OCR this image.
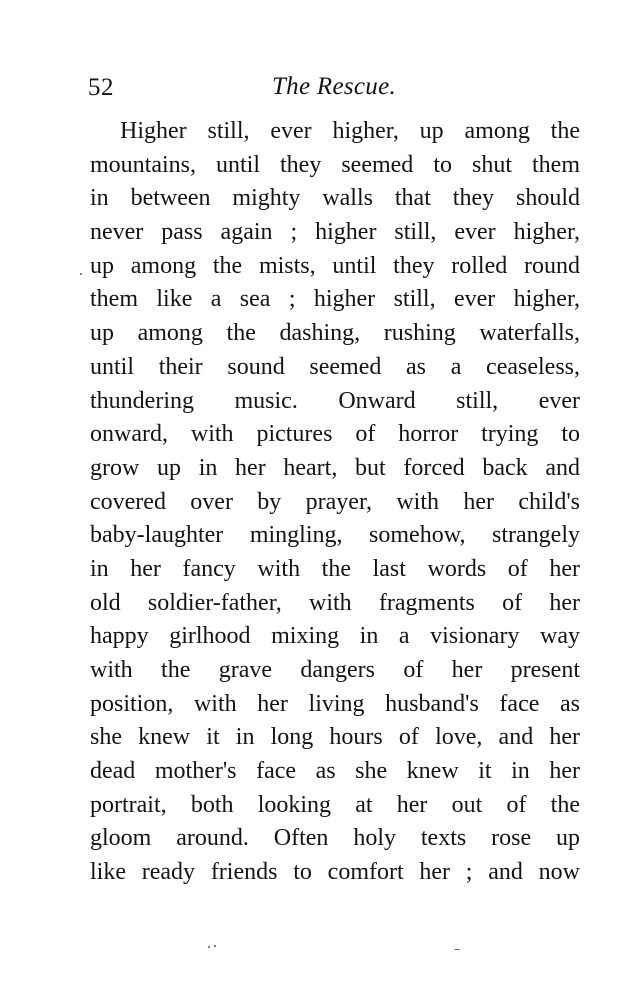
52	The Rescue.
Higher still, ever higher, up among the
mountains, until they seemed to shut them
in between mighty walls that they should
never pass again ; higher still, ever higher,
up among the mists, until they rolled round
them like a sea ; higher still, ever higher,
up among the dashing, rushing waterfalls,
until their sound seemed as a ceaseless,
thundering music. Onward still, ever
onward, with pictures of horror trying to
grow up in her heart, but forced back and
covered over by prayer, with her child's
baby-laughter mingling, somehow, strangely
in her fancy with the last words of her
old soldier-father, with fragments of her
happy girlhood mixing in a visionary way
with the grave dangers of her present
position, with her living husband's face as
she knew it in long hours of love, and her
dead mother's face as she knew it in her
portrait, both looking at her out of the
gloom around. Often holy texts rose up
like ready friends to comfort her ; and now
